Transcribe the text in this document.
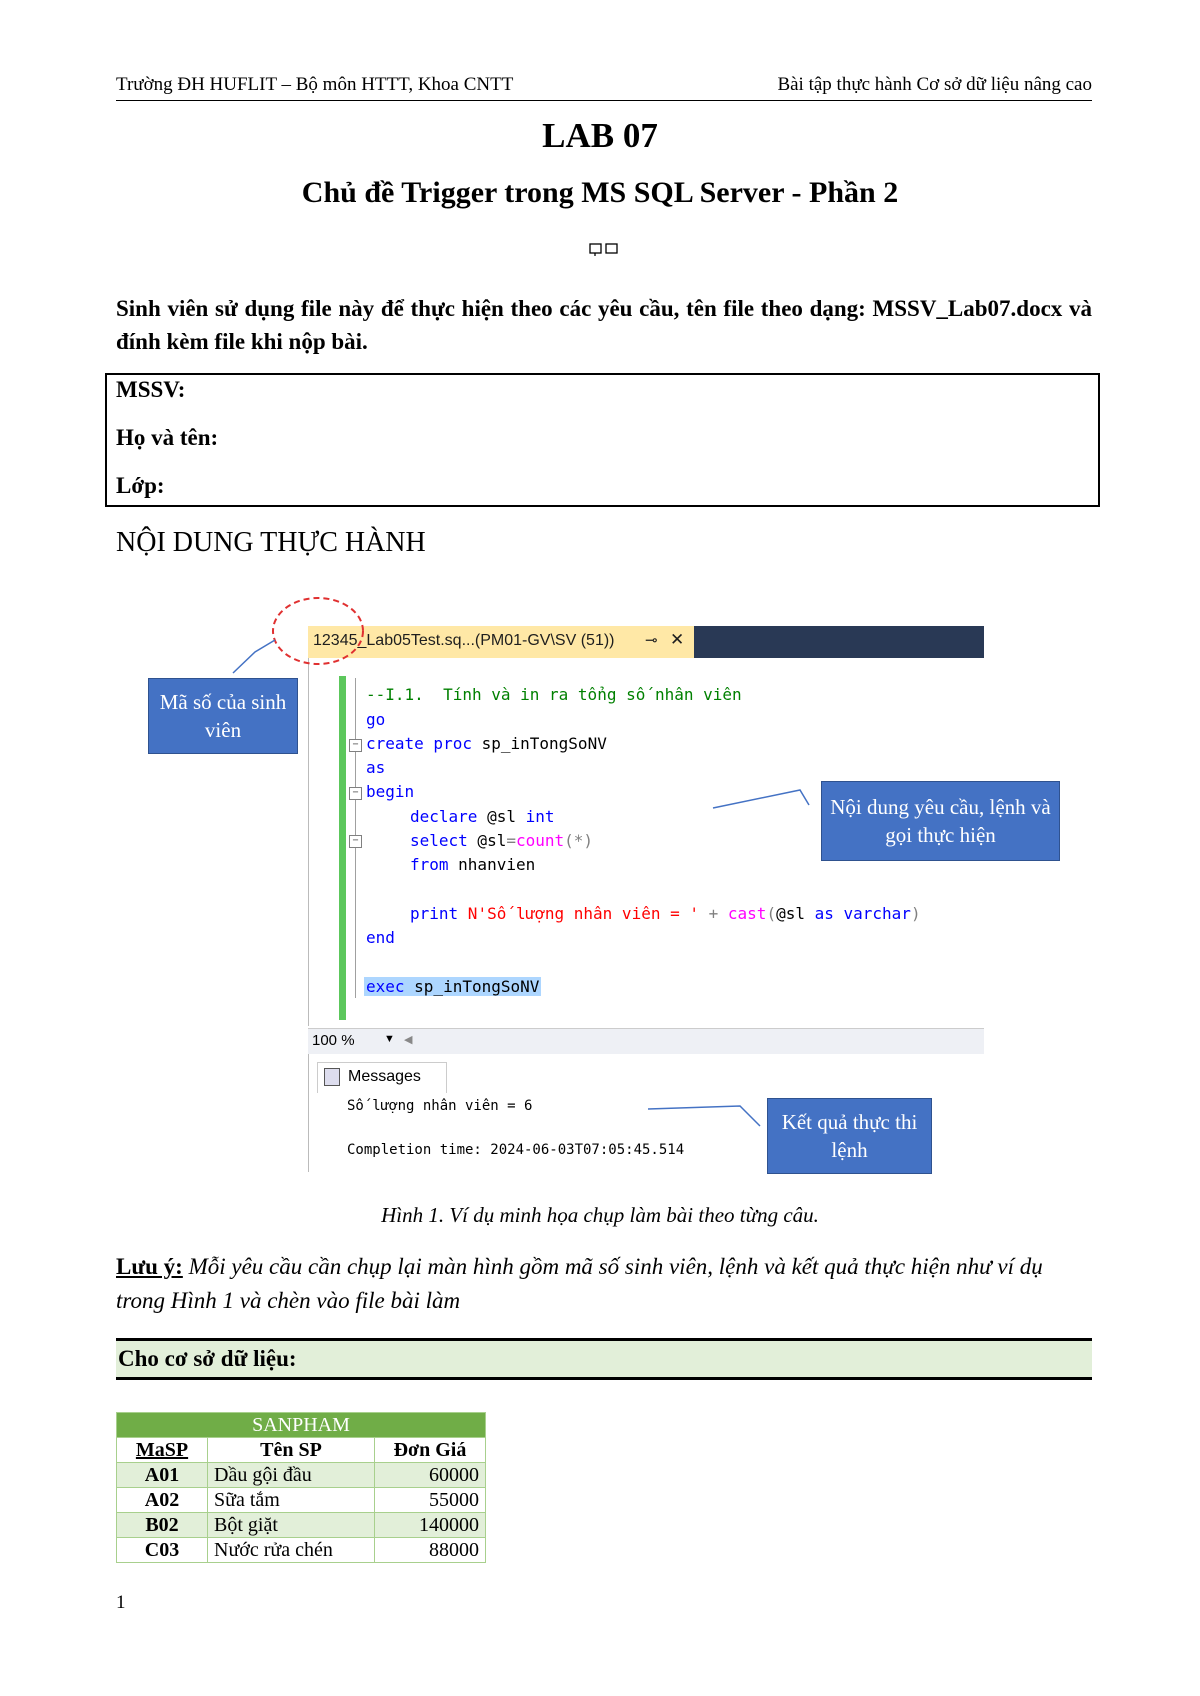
Trường ĐH HUFLIT – Bộ môn HTTT, Khoa CNTT	Bài tập thực hành Cơ sở dữ liệu nâng cao
LAB 07
Chủ đề Trigger trong MS SQL Server - Phần 2
Sinh viên sử dụng file này để thực hiện theo các yêu cầu, tên file theo dạng: MSSV_Lab07.docx và đính kèm file khi nộp bài.
MSSV:
Họ và tên:
Lớp:
NỘI DUNG THỰC HÀNH
12345_Lab05Test.sq...(PM01-GV\SV (51)) ⊸ ✕
−
−
−
--I.1.  Tính và in ra tổng số nhân viên
go
create proc sp_inTongSoNV
as
begin
declare @sl int
select @sl=count(*)
from nhanvien
print N'Số lượng nhân viên = ' + cast(@sl as varchar)
end
exec sp_inTongSoNV
100 %	▼ ◀
Messages
Số lượng nhân viên = 6
Completion time: 2024-06-03T07:05:45.514
Mã số của sinh viên
Nội dung yêu cầu, lệnh và gọi thực hiện
Kết quả thực thi lệnh
Hình 1. Ví dụ minh họa chụp làm bài theo từng câu.
Lưu ý: Mỗi yêu cầu cần chụp lại màn hình gồm mã số sinh viên, lệnh và kết quả thực hiện như ví dụ trong Hình 1 và chèn vào file bài làm
Cho cơ sở dữ liệu:
SANPHAM		
MaSP	Tên SP	Đơn Giá
A01	Dầu gội đầu	60000
A02	Sữa tắm	55000
B02	Bột giặt	140000
C03	Nước rửa chén	88000
1
